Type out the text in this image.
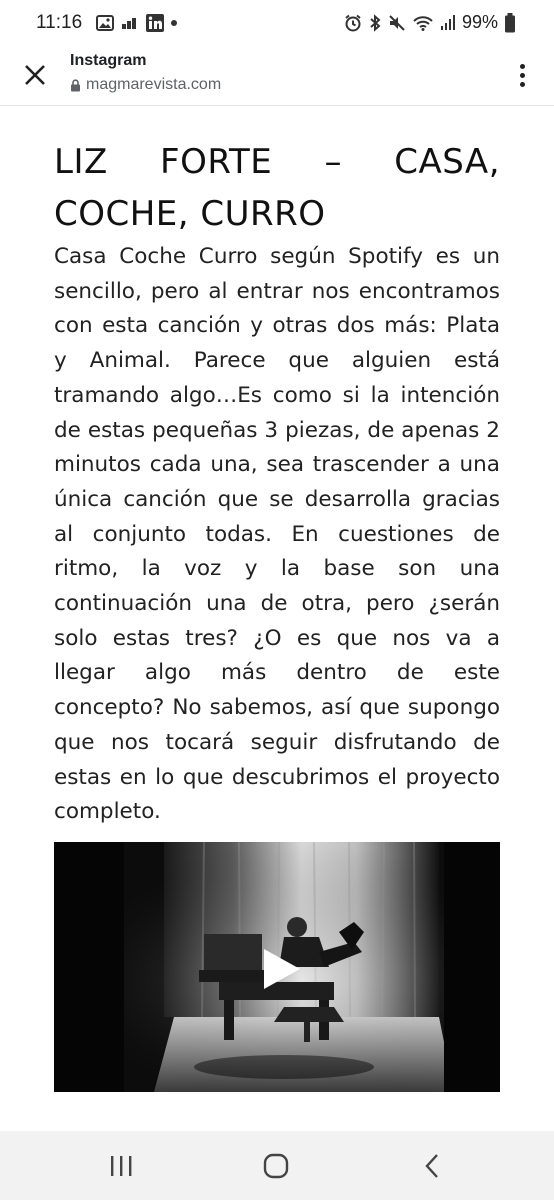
11:16	99%
Instagram
magmarevista.com
LIZ FORTE – CASA, COCHE, CURRO

Casa Coche Curro según Spotify es un sencillo, pero al entrar nos encontramos con esta canción y otras dos más: Plata y Animal. Parece que alguien está tramando algo…Es como si la intención de estas pequeñas 3 piezas, de apenas 2 minutos cada una, sea trascender a una única canción que se desarrolla gracias al conjunto todas. En cuestiones de ritmo, la voz y la base son una continuación una de otra, pero ¿serán solo estas tres? ¿O es que nos va a llegar algo más dentro de este concepto? No sabemos, así que supongo que nos tocará seguir disfrutando de estas en lo que descubrimos el proyecto completo.
